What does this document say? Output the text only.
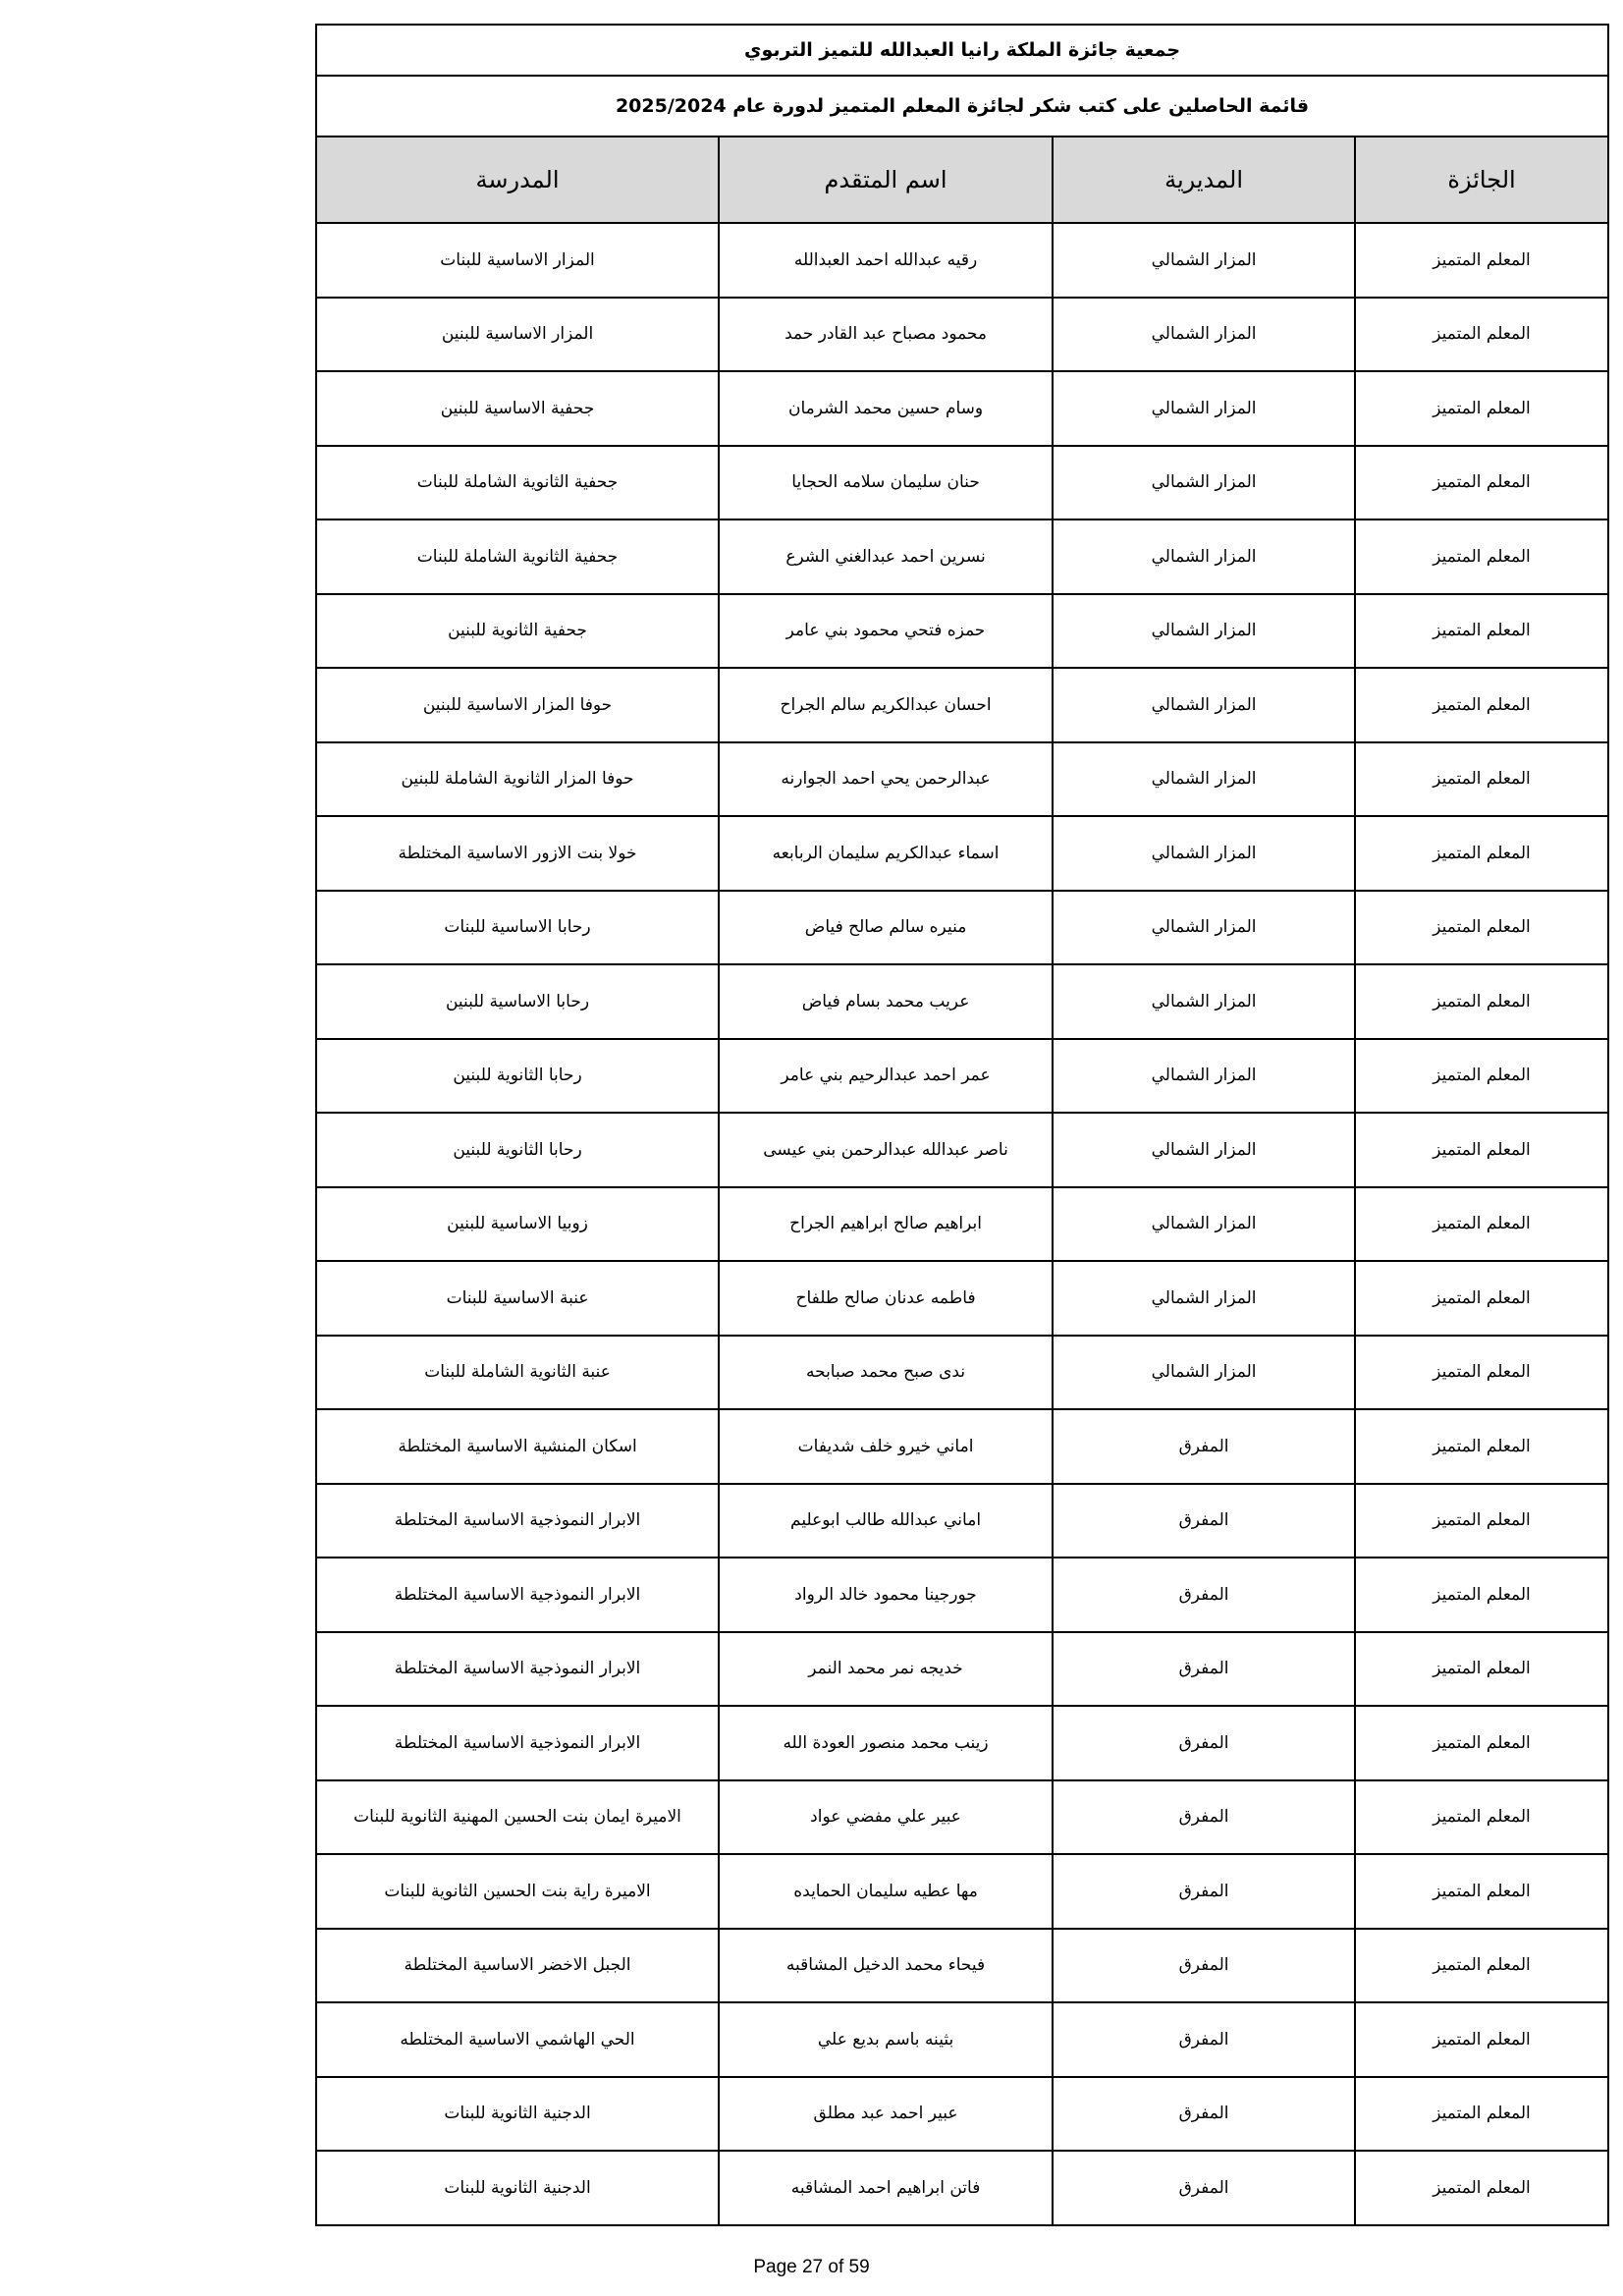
جمعية جائزة الملكة رانيا العبدالله للتميز التربوي			
قائمة الحاصلين على كتب شكر لجائزة المعلم المتميز لدورة عام 2025/2024			
الجائزة	المديرية	اسم المتقدم	المدرسة
المعلم المتميز	المزار الشمالي	رقيه عبدالله احمد العبدالله	المزار الاساسية للبنات
المعلم المتميز	المزار الشمالي	محمود مصباح عبد القادر حمد	المزار الاساسية للبنين
المعلم المتميز	المزار الشمالي	وسام حسين محمد الشرمان	جحفية الاساسية للبنين
المعلم المتميز	المزار الشمالي	حنان سليمان سلامه الحجايا	جحفية الثانوية الشاملة للبنات
المعلم المتميز	المزار الشمالي	نسرين احمد عبدالغني الشرع	جحفية الثانوية الشاملة للبنات
المعلم المتميز	المزار الشمالي	حمزه فتحي محمود بني عامر	جحفية الثانوية للبنين
المعلم المتميز	المزار الشمالي	احسان عبدالكريم سالم الجراح	حوفا المزار الاساسية للبنين
المعلم المتميز	المزار الشمالي	عبدالرحمن يحي احمد الجوارنه	حوفا المزار الثانوية الشاملة للبنين
المعلم المتميز	المزار الشمالي	اسماء عبدالكريم سليمان الربابعه	خولا بنت الازور الاساسية المختلطة
المعلم المتميز	المزار الشمالي	منيره سالم صالح فياض	رحابا الاساسية للبنات
المعلم المتميز	المزار الشمالي	عريب محمد بسام فياض	رحابا الاساسية للبنين
المعلم المتميز	المزار الشمالي	عمر احمد عبدالرحيم بني عامر	رحابا الثانوية للبنين
المعلم المتميز	المزار الشمالي	ناصر عبدالله عبدالرحمن بني عيسى	رحابا الثانوية للبنين
المعلم المتميز	المزار الشمالي	ابراهيم صالح ابراهيم الجراح	زوبيا الاساسية للبنين
المعلم المتميز	المزار الشمالي	فاطمه عدنان صالح طلفاح	عنبة الاساسية للبنات
المعلم المتميز	المزار الشمالي	ندى صبح محمد صبابحه	عنبة الثانوية الشاملة للبنات
المعلم المتميز	المفرق	اماني خيرو خلف شديفات	اسكان المنشية الاساسية المختلطة
المعلم المتميز	المفرق	اماني عبدالله طالب ابوعليم	الابرار النموذجية الاساسية المختلطة
المعلم المتميز	المفرق	جورجينا محمود خالد الرواد	الابرار النموذجية الاساسية المختلطة
المعلم المتميز	المفرق	خديجه نمر محمد النمر	الابرار النموذجية الاساسية المختلطة
المعلم المتميز	المفرق	زينب محمد منصور العودة الله	الابرار النموذجية الاساسية المختلطة
المعلم المتميز	المفرق	عبير علي مفضي عواد	الاميرة ايمان بنت الحسين المهنية الثانوية للبنات
المعلم المتميز	المفرق	مها عطيه سليمان الحمايده	الاميرة راية بنت الحسين الثانوية للبنات
المعلم المتميز	المفرق	فيحاء محمد الدخيل المشاقبه	الجبل الاخضر الاساسية المختلطة
المعلم المتميز	المفرق	بثينه باسم بديع علي	الحي الهاشمي الاساسية المختلطه
المعلم المتميز	المفرق	عبير احمد عبد مطلق	الدجنية الثانوية للبنات
المعلم المتميز	المفرق	فاتن ابراهيم احمد المشاقبه	الدجنية الثانوية للبنات
Page 27 of 59
